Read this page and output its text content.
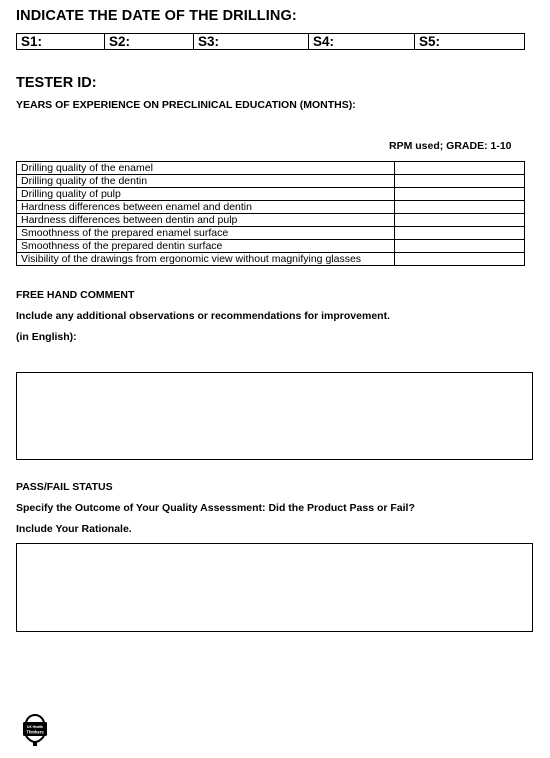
INDICATE THE DATE OF THE DRILLING:
S1:	S2:	S3:	S4:	S5:
TESTER ID:
YEARS OF EXPERIENCE ON PRECLINICAL EDUCATION (MONTHS):
RPM used; GRADE: 1-10
Drilling quality of the enamel	
Drilling quality of the dentin	
Drilling quality of pulp	
Hardness differences between enamel and dentin	
Hardness differences between dentin and pulp	
Smoothness of the prepared enamel surface	
Smoothness of the prepared dentin surface	
Visibility of the drawings from ergonomic view without magnifying glasses	
FREE HAND COMMENT
Include any additional observations or recommendations for improvement.
(in English):
PASS/FAIL STATUS
Specify the Outcome of Your Quality Assessment: Did the Product Pass or Fail?
Include Your Rationale.
UX Health
Thinkers
